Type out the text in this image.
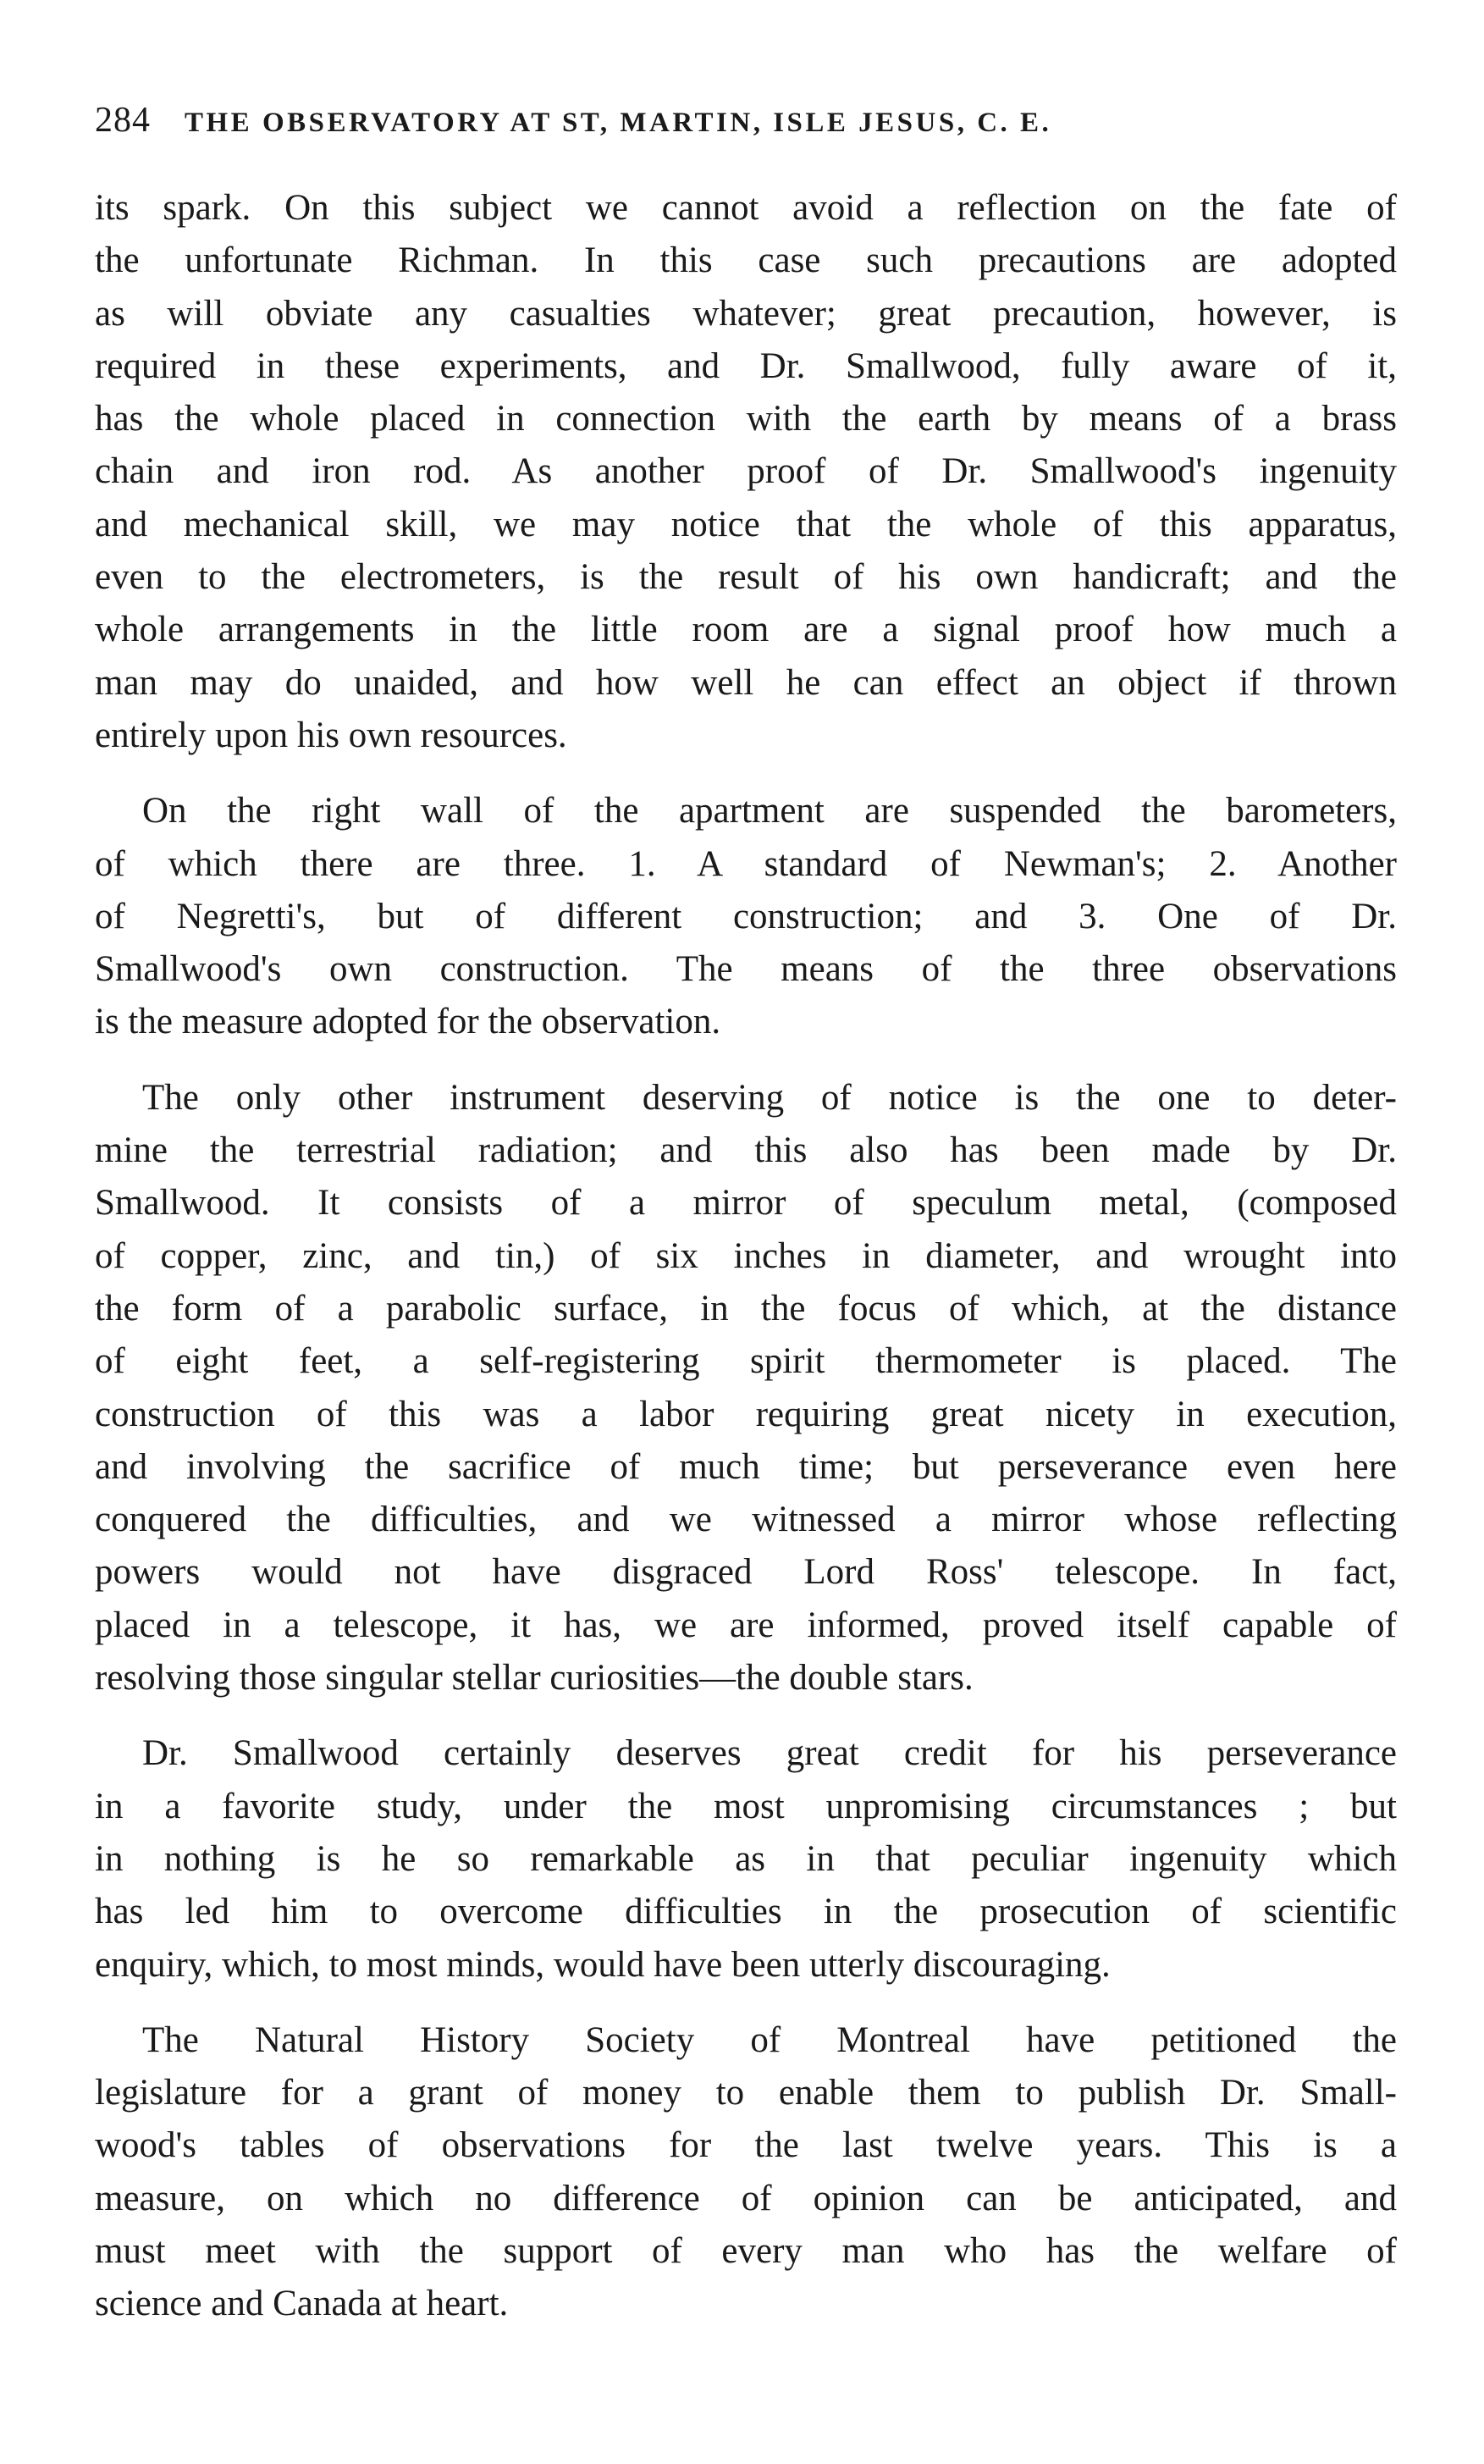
284 THE OBSERVATORY AT ST, MARTIN, ISLE JESUS, C. E.
its spark. On this subject we cannot avoid a reflection on the fate of
the unfortunate Richman. In this case such precautions are adopted
as will obviate any casualties whatever; great precaution, however, is
required in these experiments, and Dr. Smallwood, fully aware of it,
has the whole placed in connection with the earth by means of a brass
chain and iron rod. As another proof of Dr. Smallwood's ingenuity
and mechanical skill, we may notice that the whole of this apparatus,
even to the electrometers, is the result of his own handicraft; and the
whole arrangements in the little room are a signal proof how much a
man may do unaided, and how well he can effect an object if thrown
entirely upon his own resources.
On the right wall of the apartment are suspended the barometers,
of which there are three. 1. A standard of Newman's; 2. Another
of Negretti's, but of different construction; and 3. One of Dr.
Smallwood's own construction. The means of the three observations
is the measure adopted for the observation.
The only other instrument deserving of notice is the one to deter-
mine the terrestrial radiation; and this also has been made by Dr.
Smallwood. It consists of a mirror of speculum metal, (composed
of copper, zinc, and tin,) of six inches in diameter, and wrought into
the form of a parabolic surface, in the focus of which, at the distance
of eight feet, a self-registering spirit thermometer is placed. The
construction of this was a labor requiring great nicety in execution,
and involving the sacrifice of much time; but perseverance even here
conquered the difficulties, and we witnessed a mirror whose reflecting
powers would not have disgraced Lord Ross' telescope. In fact,
placed in a telescope, it has, we are informed, proved itself capable of
resolving those singular stellar curiosities—the double stars.
Dr. Smallwood certainly deserves great credit for his perseverance
in a favorite study, under the most unpromising circumstances ; but
in nothing is he so remarkable as in that peculiar ingenuity which
has led him to overcome difficulties in the prosecution of scientific
enquiry, which, to most minds, would have been utterly discouraging.
The Natural History Society of Montreal have petitioned the
legislature for a grant of money to enable them to publish Dr. Small-
wood's tables of observations for the last twelve years. This is a
measure, on which no difference of opinion can be anticipated, and
must meet with the support of every man who has the welfare of
science and Canada at heart.
